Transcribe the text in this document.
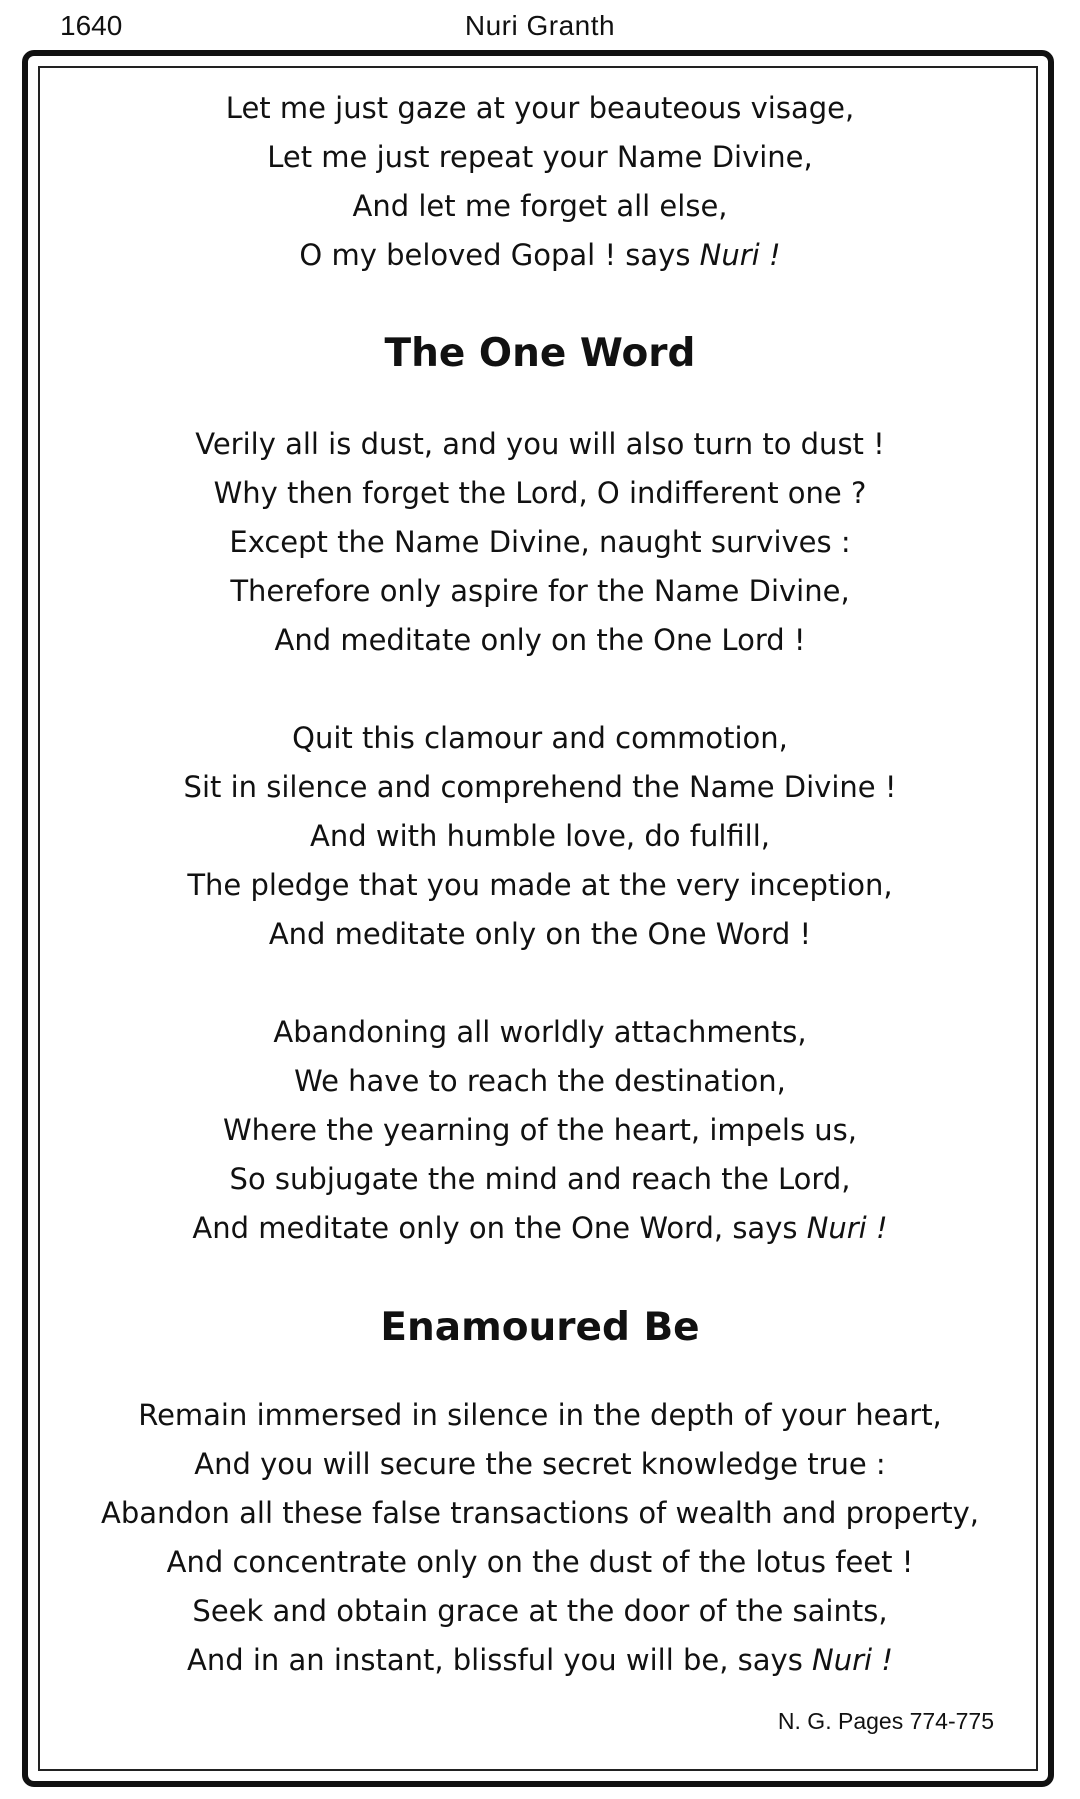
1640	Nuri Granth
Let me just gaze at your beauteous visage,
Let me just repeat your Name Divine,
And let me forget all else,
O my beloved Gopal ! says Nuri !
The One Word
Verily all is dust, and you will also turn to dust !
Why then forget the Lord, O indifferent one ?
Except the Name Divine, naught survives :
Therefore only aspire for the Name Divine,
And meditate only on the One Lord !
Quit this clamour and commotion,
Sit in silence and comprehend the Name Divine !
And with humble love, do fulfill,
The pledge that you made at the very inception,
And meditate only on the One Word !
Abandoning all worldly attachments,
We have to reach the destination,
Where the yearning of the heart, impels us,
So subjugate the mind and reach the Lord,
And meditate only on the One Word, says Nuri !
Enamoured Be
Remain immersed in silence in the depth of your heart,
And you will secure the secret knowledge true :
Abandon all these false transactions of wealth and property,
And concentrate only on the dust of the lotus feet !
Seek and obtain grace at the door of the saints,
And in an instant, blissful you will be, says Nuri !
N. G. Pages 774-775
